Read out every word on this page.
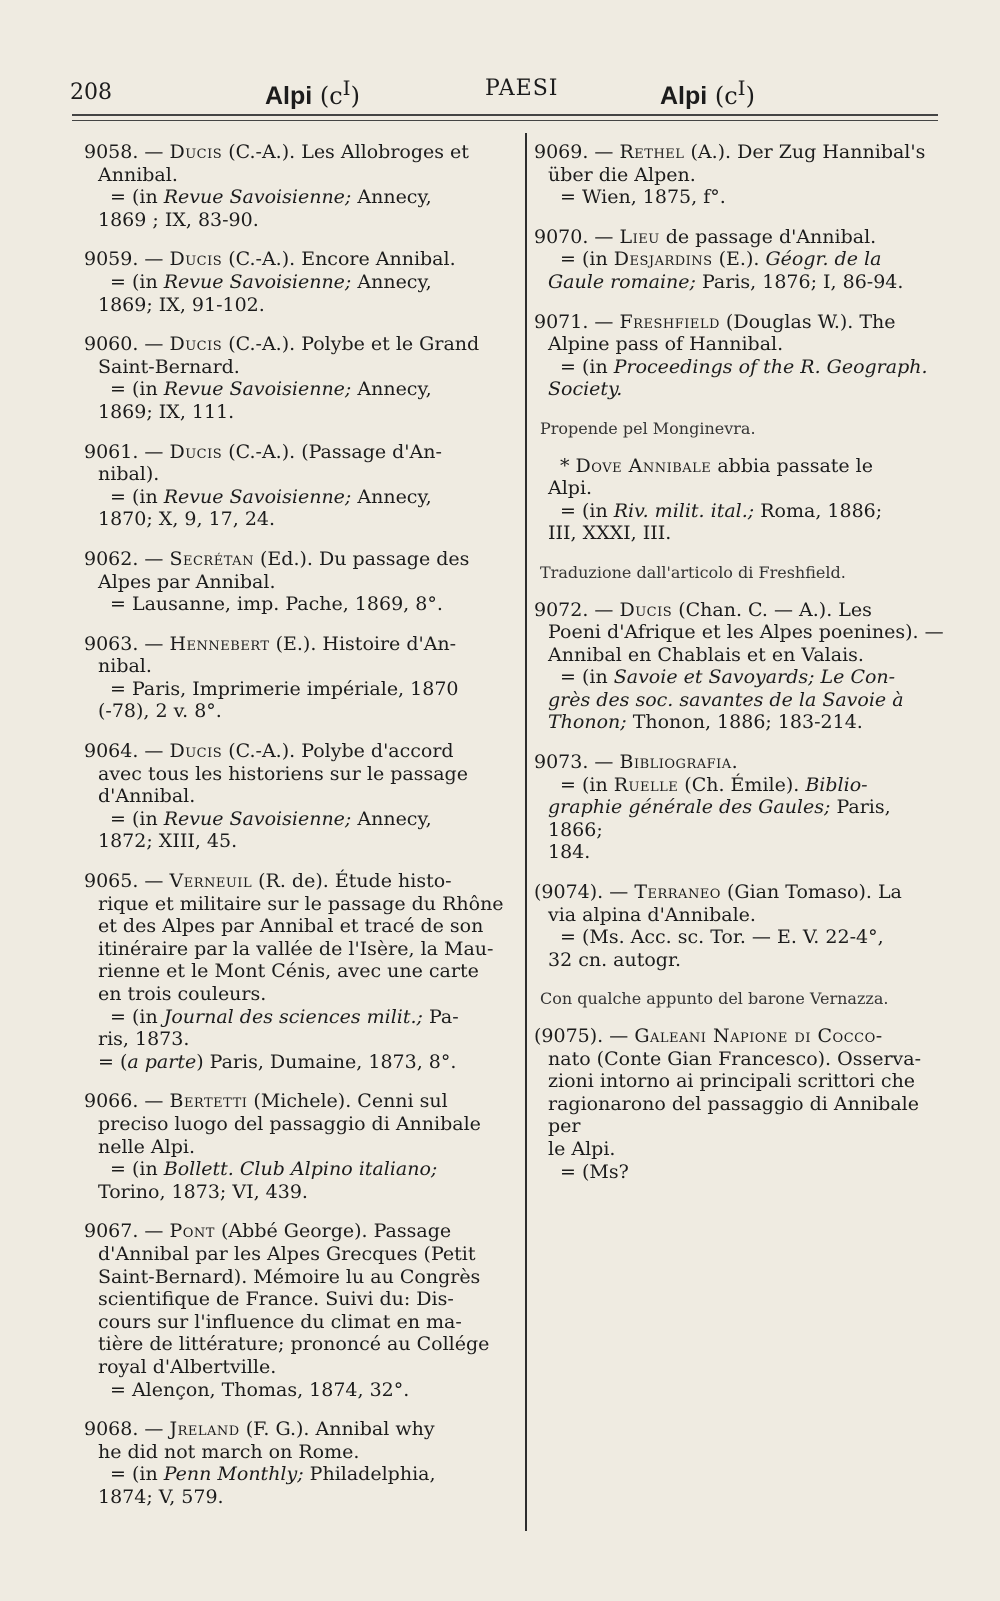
208	Alpi $(c^I)$	PAESI	Alpi $(c^I)$

9058. — Ducis (C.-A.). Les Allobroges et

Annibal.

= (in Revue Savoisienne; Annecy,

1869 ; IX, 83-90.

9059. — Ducis (C.-A.). Encore Annibal.

= (in Revue Savoisienne; Annecy,

1869; IX, 91-102.

9060. — Ducis (C.-A.). Polybe et le Grand

Saint-Bernard.

= (in Revue Savoisienne; Annecy,

1869; IX, 111.

9061. — Ducis (C.-A.). (Passage d'An-

nibal).

= (in Revue Savoisienne; Annecy,

1870; X, 9, 17, 24.

9062. — Secrétan (Ed.). Du passage des

Alpes par Annibal.

= Lausanne, imp. Pache, 1869, 8°.

9063. — Hennebert (E.). Histoire d'An-

nibal.

= Paris, Imprimerie impériale, 1870

(-78), 2 v. 8°.

9064. — Ducis (C.-A.). Polybe d'accord

avec tous les historiens sur le passage

d'Annibal.

= (in Revue Savoisienne; Annecy,

1872; XIII, 45.

9065. — Verneuil (R. de). Étude histo-

rique et militaire sur le passage du Rhône

et des Alpes par Annibal et tracé de son

itinéraire par la vallée de l'Isère, la Mau-

rienne et le Mont Cénis, avec une carte

en trois couleurs.

= (in Journal des sciences milit.; Pa-

ris, 1873.

= (a parte) Paris, Dumaine, 1873, 8°.

9066. — Bertetti (Michele). Cenni sul

preciso luogo del passaggio di Annibale

nelle Alpi.

= (in Bollett. Club Alpino italiano;

Torino, 1873; VI, 439.

9067. — Pont (Abbé George). Passage

d'Annibal par les Alpes Grecques (Petit

Saint-Bernard). Mémoire lu au Congrès

scientifique de France. Suivi du: Dis-

cours sur l'influence du climat en ma-

tière de littérature; prononcé au Collége

royal d'Albertville.

= Alençon, Thomas, 1874, 32°.

9068. — Jreland (F. G.). Annibal why

he did not march on Rome.

= (in Penn Monthly; Philadelphia,

1874; V, 579.

9069. — Rethel (A.). Der Zug Hannibal's

über die Alpen.

= Wien, 1875, f°.

9070. — Lieu de passage d'Annibal.

= (in Desjardins (E.). Géogr. de la

Gaule romaine; Paris, 1876; I, 86-94.

9071. — Freshfield (Douglas W.). The

Alpine pass of Hannibal.

= (in Proceedings of the R. Geograph.

Society.

Propende pel Monginevra.

* Dove Annibale abbia passate le

Alpi.

= (in Riv. milit. ital.; Roma, 1886;

III, XXXI, III.

Traduzione dall'articolo di Freshfield.

9072. — Ducis (Chan. C. — A.). Les

Poeni d'Afrique et les Alpes poenines). —

Annibal en Chablais et en Valais.

= (in Savoie et Savoyards; Le Con-

grès des soc. savantes de la Savoie à

Thonon; Thonon, 1886; 183-214.

9073. — Bibliografia.

= (in Ruelle (Ch. Émile). Biblio-

graphie générale des Gaules; Paris, 1866;

184.

(9074). — Terraneo (Gian Tomaso). La

via alpina d'Annibale.

= (Ms. Acc. sc. Tor. — E. V. 22-4°,

32 cn. autogr.

Con qualche appunto del barone Vernazza.

(9075). — Galeani Napione di Cocco-

nato (Conte Gian Francesco). Osserva-

zioni intorno ai principali scrittori che

ragionarono del passaggio di Annibale per

le Alpi.

= (Ms?
